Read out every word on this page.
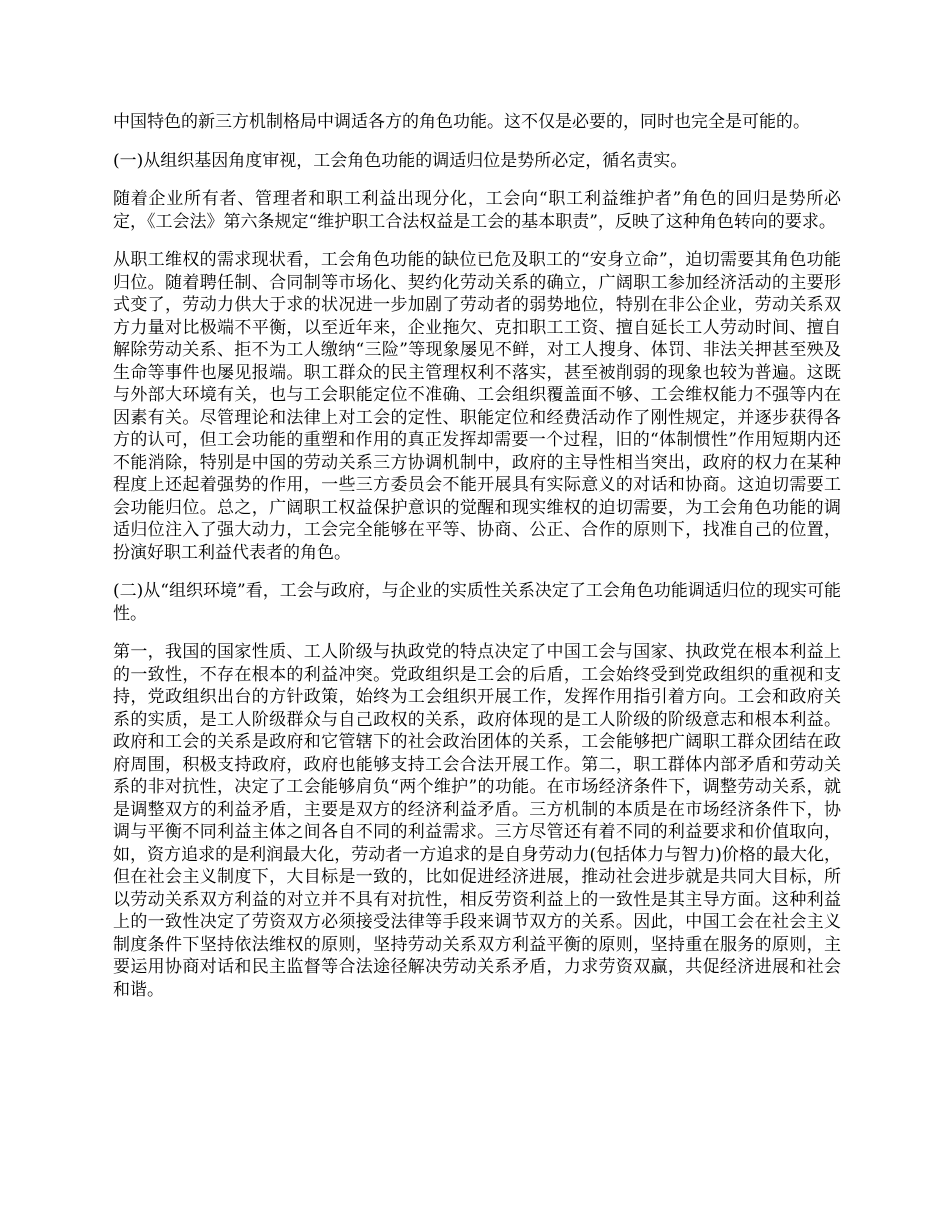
中国特色的新三方机制格局中调适各方的角色功能。这不仅是必要的，同时也完全是可能的。

(一)从组织基因角度审视，工会角色功能的调适归位是势所必定，循名责实。

随着企业所有者、管理者和职工利益出现分化，工会向“职工利益维护者”角色的回归是势所必定，《工会法》第六条规定“维护职工合法权益是工会的基本职责”，反映了这种角色转向的要求。

从职工维权的需求现状看，工会角色功能的缺位已危及职工的“安身立命”，迫切需要其角色功能归位。随着聘任制、合同制等市场化、契约化劳动关系的确立，广阔职工参加经济活动的主要形式变了，劳动力供大于求的状况进一步加剧了劳动者的弱势地位，特别在非公企业，劳动关系双方力量对比极端不平衡，以至近年来，企业拖欠、克扣职工工资、擅自延长工人劳动时间、擅自解除劳动关系、拒不为工人缴纳“三险”等现象屡见不鲜，对工人搜身、体罚、非法关押甚至殃及生命等事件也屡见报端。职工群众的民主管理权利不落实，甚至被削弱的现象也较为普遍。这既与外部大环境有关，也与工会职能定位不准确、工会组织覆盖面不够、工会维权能力不强等内在因素有关。尽管理论和法律上对工会的定性、职能定位和经费活动作了刚性规定，并逐步获得各方的认可，但工会功能的重塑和作用的真正发挥却需要一个过程，旧的“体制惯性”作用短期内还不能消除，特别是中国的劳动关系三方协调机制中，政府的主导性相当突出，政府的权力在某种程度上还起着强势的作用，一些三方委员会不能开展具有实际意义的对话和协商。这迫切需要工会功能归位。总之，广阔职工权益保护意识的觉醒和现实维权的迫切需要，为工会角色功能的调适归位注入了强大动力，工会完全能够在平等、协商、公正、合作的原则下，找准自己的位置，扮演好职工利益代表者的角色。

(二)从“组织环境”看，工会与政府，与企业的实质性关系决定了工会角色功能调适归位的现实可能性。

第一，我国的国家性质、工人阶级与执政党的特点决定了中国工会与国家、执政党在根本利益上的一致性，不存在根本的利益冲突。党政组织是工会的后盾，工会始终受到党政组织的重视和支持，党政组织出台的方针政策，始终为工会组织开展工作，发挥作用指引着方向。工会和政府关系的实质，是工人阶级群众与自己政权的关系，政府体现的是工人阶级的阶级意志和根本利益。政府和工会的关系是政府和它管辖下的社会政治团体的关系，工会能够把广阔职工群众团结在政府周围，积极支持政府，政府也能够支持工会合法开展工作。第二，职工群体内部矛盾和劳动关系的非对抗性，决定了工会能够肩负“两个维护”的功能。在市场经济条件下，调整劳动关系，就是调整双方的利益矛盾，主要是双方的经济利益矛盾。三方机制的本质是在市场经济条件下，协调与平衡不同利益主体之间各自不同的利益需求。三方尽管还有着不同的利益要求和价值取向，如，资方追求的是利润最大化，劳动者一方追求的是自身劳动力(包括体力与智力)价格的最大化，但在社会主义制度下，大目标是一致的，比如促进经济进展，推动社会进步就是共同大目标，所以劳动关系双方利益的对立并不具有对抗性，相反劳资利益上的一致性是其主导方面。这种利益上的一致性决定了劳资双方必须接受法律等手段来调节双方的关系。因此，中国工会在社会主义制度条件下坚持依法维权的原则，坚持劳动关系双方利益平衡的原则，坚持重在服务的原则，主要运用协商对话和民主监督等合法途径解决劳动关系矛盾，力求劳资双赢，共促经济进展和社会和谐。
